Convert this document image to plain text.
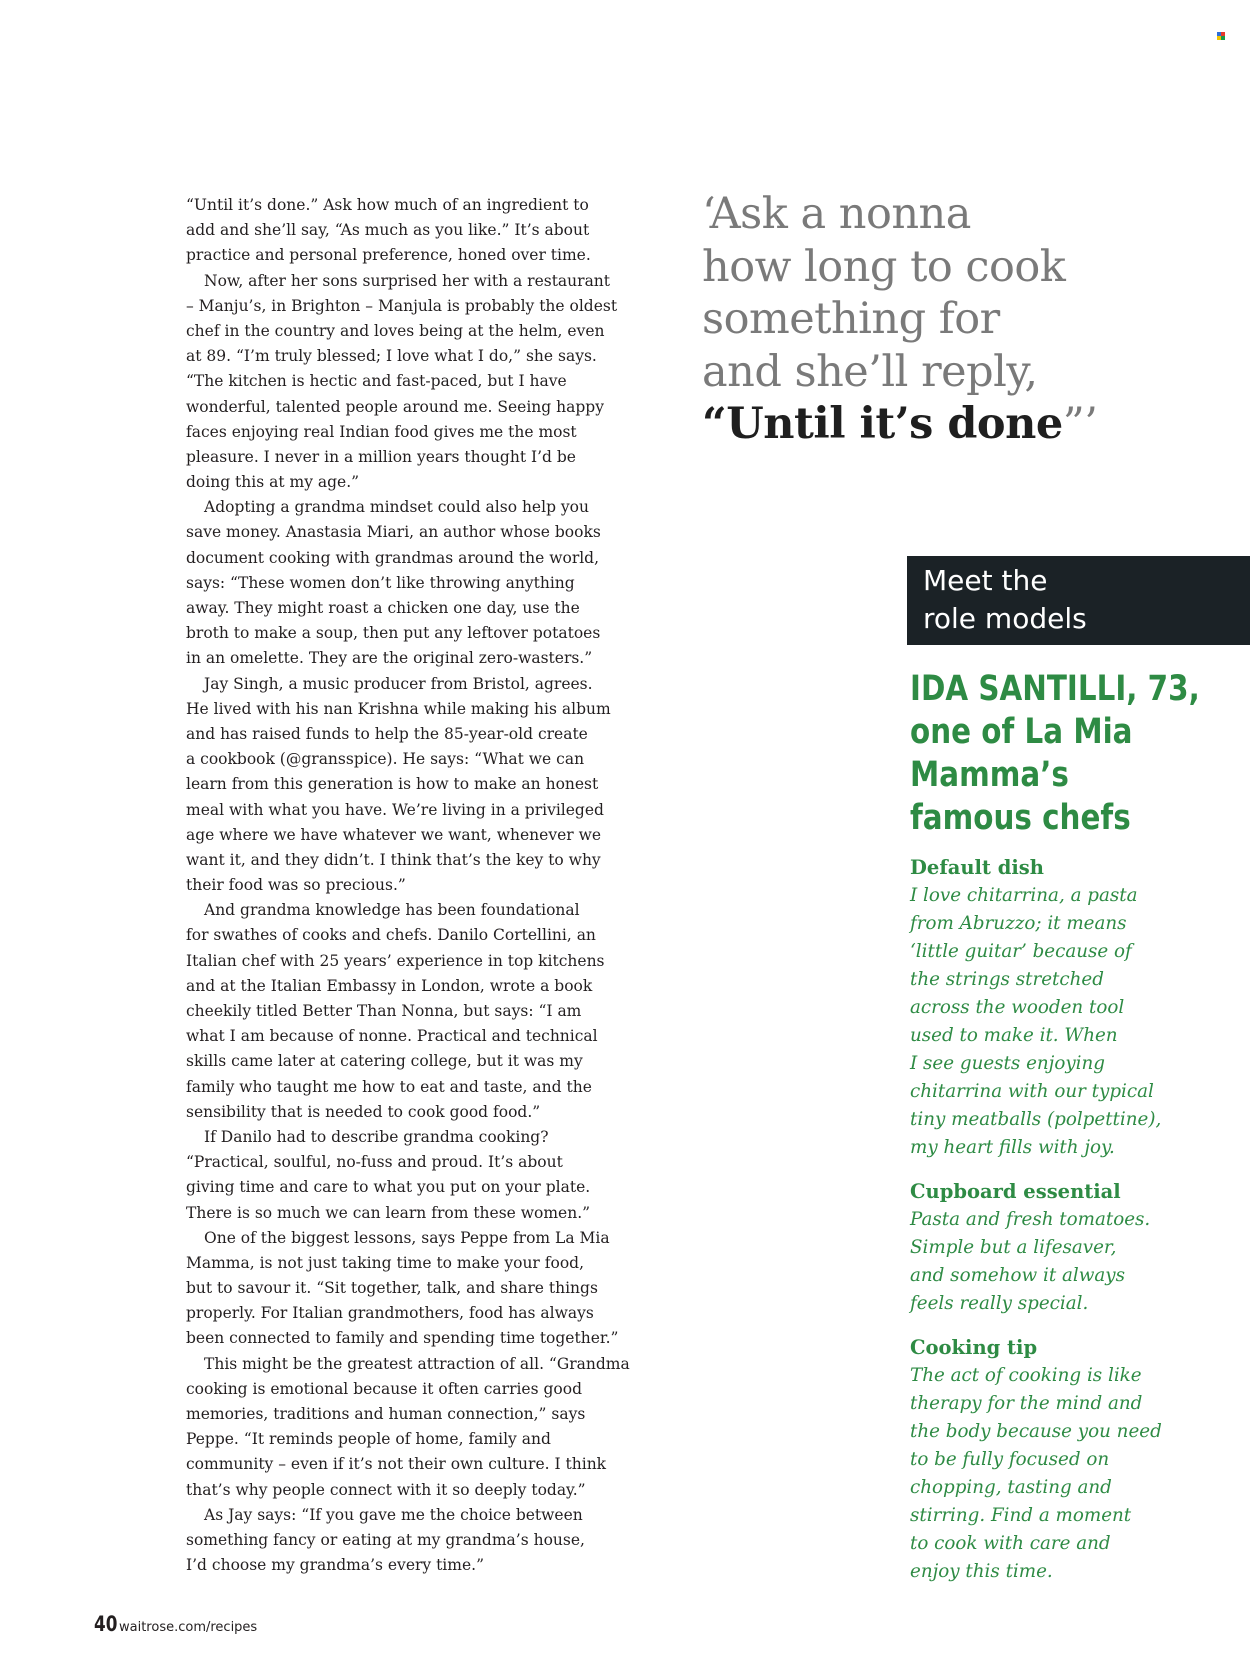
“Until it’s done.” Ask how much of an ingredient to
add and she’ll say, “As much as you like.” It’s about
practice and personal preference, honed over time.
Now, after her sons surprised her with a restaurant
– Manju’s, in Brighton – Manjula is probably the oldest
chef in the country and loves being at the helm, even
at 89. “I’m truly blessed; I love what I do,” she says.
“The kitchen is hectic and fast-paced, but I have
wonderful, talented people around me. Seeing happy
faces enjoying real Indian food gives me the most
pleasure. I never in a million years thought I’d be
doing this at my age.”
Adopting a grandma mindset could also help you
save money. Anastasia Miari, an author whose books
document cooking with grandmas around the world,
says: “These women don’t like throwing anything
away. They might roast a chicken one day, use the
broth to make a soup, then put any leftover potatoes
in an omelette. They are the original zero-wasters.”
Jay Singh, a music producer from Bristol, agrees.
He lived with his nan Krishna while making his album
and has raised funds to help the 85-year-old create
a cookbook (@gransspice). He says: “What we can
learn from this generation is how to make an honest
meal with what you have. We’re living in a privileged
age where we have whatever we want, whenever we
want it, and they didn’t. I think that’s the key to why
their food was so precious.”
And grandma knowledge has been foundational
for swathes of cooks and chefs. Danilo Cortellini, an
Italian chef with 25 years’ experience in top kitchens
and at the Italian Embassy in London, wrote a book
cheekily titled Better Than Nonna, but says: “I am
what I am because of nonne. Practical and technical
skills came later at catering college, but it was my
family who taught me how to eat and taste, and the
sensibility that is needed to cook good food.”
If Danilo had to describe grandma cooking?
“Practical, soulful, no-fuss and proud. It’s about
giving time and care to what you put on your plate.
There is so much we can learn from these women.”
One of the biggest lessons, says Peppe from La Mia
Mamma, is not just taking time to make your food,
but to savour it. “Sit together, talk, and share things
properly. For Italian grandmothers, food has always
been connected to family and spending time together.”
This might be the greatest attraction of all. “Grandma
cooking is emotional because it often carries good
memories, traditions and human connection,” says
Peppe. “It reminds people of home, family and
community – even if it’s not their own culture. I think
that’s why people connect with it so deeply today.”
As Jay says: “If you gave me the choice between
something fancy or eating at my grandma’s house,
I’d choose my grandma’s every time.”
‘Ask a nonna
how long to cook
something for
and she’ll reply,
“Until it’s done”’
Meet the
role models
IDA SANTILLI, 73,
one of La Mia
Mamma’s
famous chefs
Default dish
I love chitarrina, a pasta
from Abruzzo; it means
‘little guitar’ because of
the strings stretched
across the wooden tool
used to make it. When
I see guests enjoying
chitarrina with our typical
tiny meatballs (polpettine),
my heart fills with joy.
Cupboard essential
Pasta and fresh tomatoes.
Simple but a lifesaver,
and somehow it always
feels really special.
Cooking tip
The act of cooking is like
therapy for the mind and
the body because you need
to be fully focused on
chopping, tasting and
stirring. Find a moment
to cook with care and
enjoy this time.
40 waitrose.com/recipes
